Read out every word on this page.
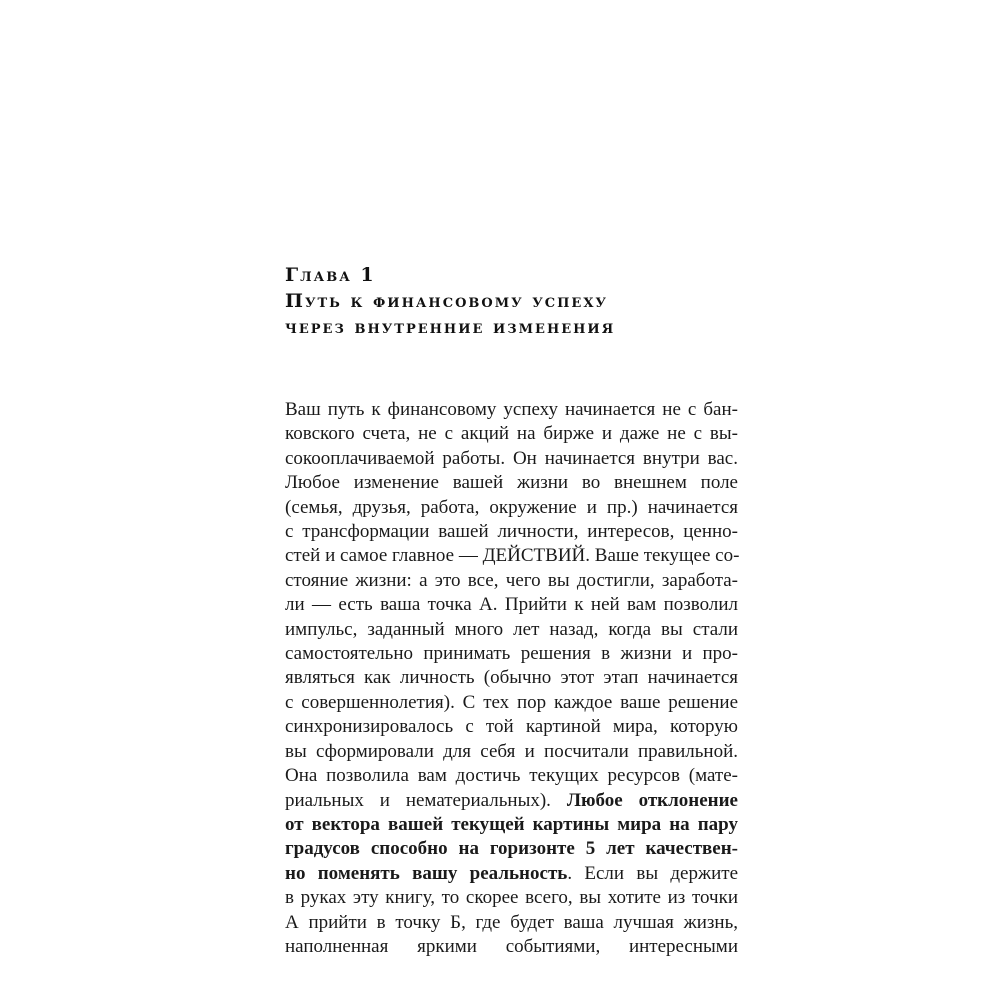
Глава 1
Путь к финансовому успеху
через внутренние изменения
Ваш путь к финансовому успеху начинается не с бан-
ковского счета, не с акций на бирже и даже не с вы-
сокооплачиваемой работы. Он начинается внутри вас.
Любое изменение вашей жизни во внешнем поле
(семья, друзья, работа, окружение и пр.) начинается
с трансформации вашей личности, интересов, ценно-
стей и самое главное — ДЕЙСТВИЙ. Ваше текущее со-
стояние жизни: а это все, чего вы достигли, заработа-
ли — есть ваша точка А. Прийти к ней вам позволил
импульс, заданный много лет назад, когда вы стали
самостоятельно принимать решения в жизни и про-
являться как личность (обычно этот этап начинается
с совершеннолетия). С тех пор каждое ваше решение
синхронизировалось с той картиной мира, которую
вы сформировали для себя и посчитали правильной.
Она позволила вам достичь текущих ресурсов (мате-
риальных и нематериальных). Любое отклонение
от вектора вашей текущей картины мира на пару
градусов способно на горизонте 5 лет качествен-
но поменять вашу реальность. Если вы держите
в руках эту книгу, то скорее всего, вы хотите из точки
А прийти в точку Б, где будет ваша лучшая жизнь,
наполненная яркими событиями, интересными
